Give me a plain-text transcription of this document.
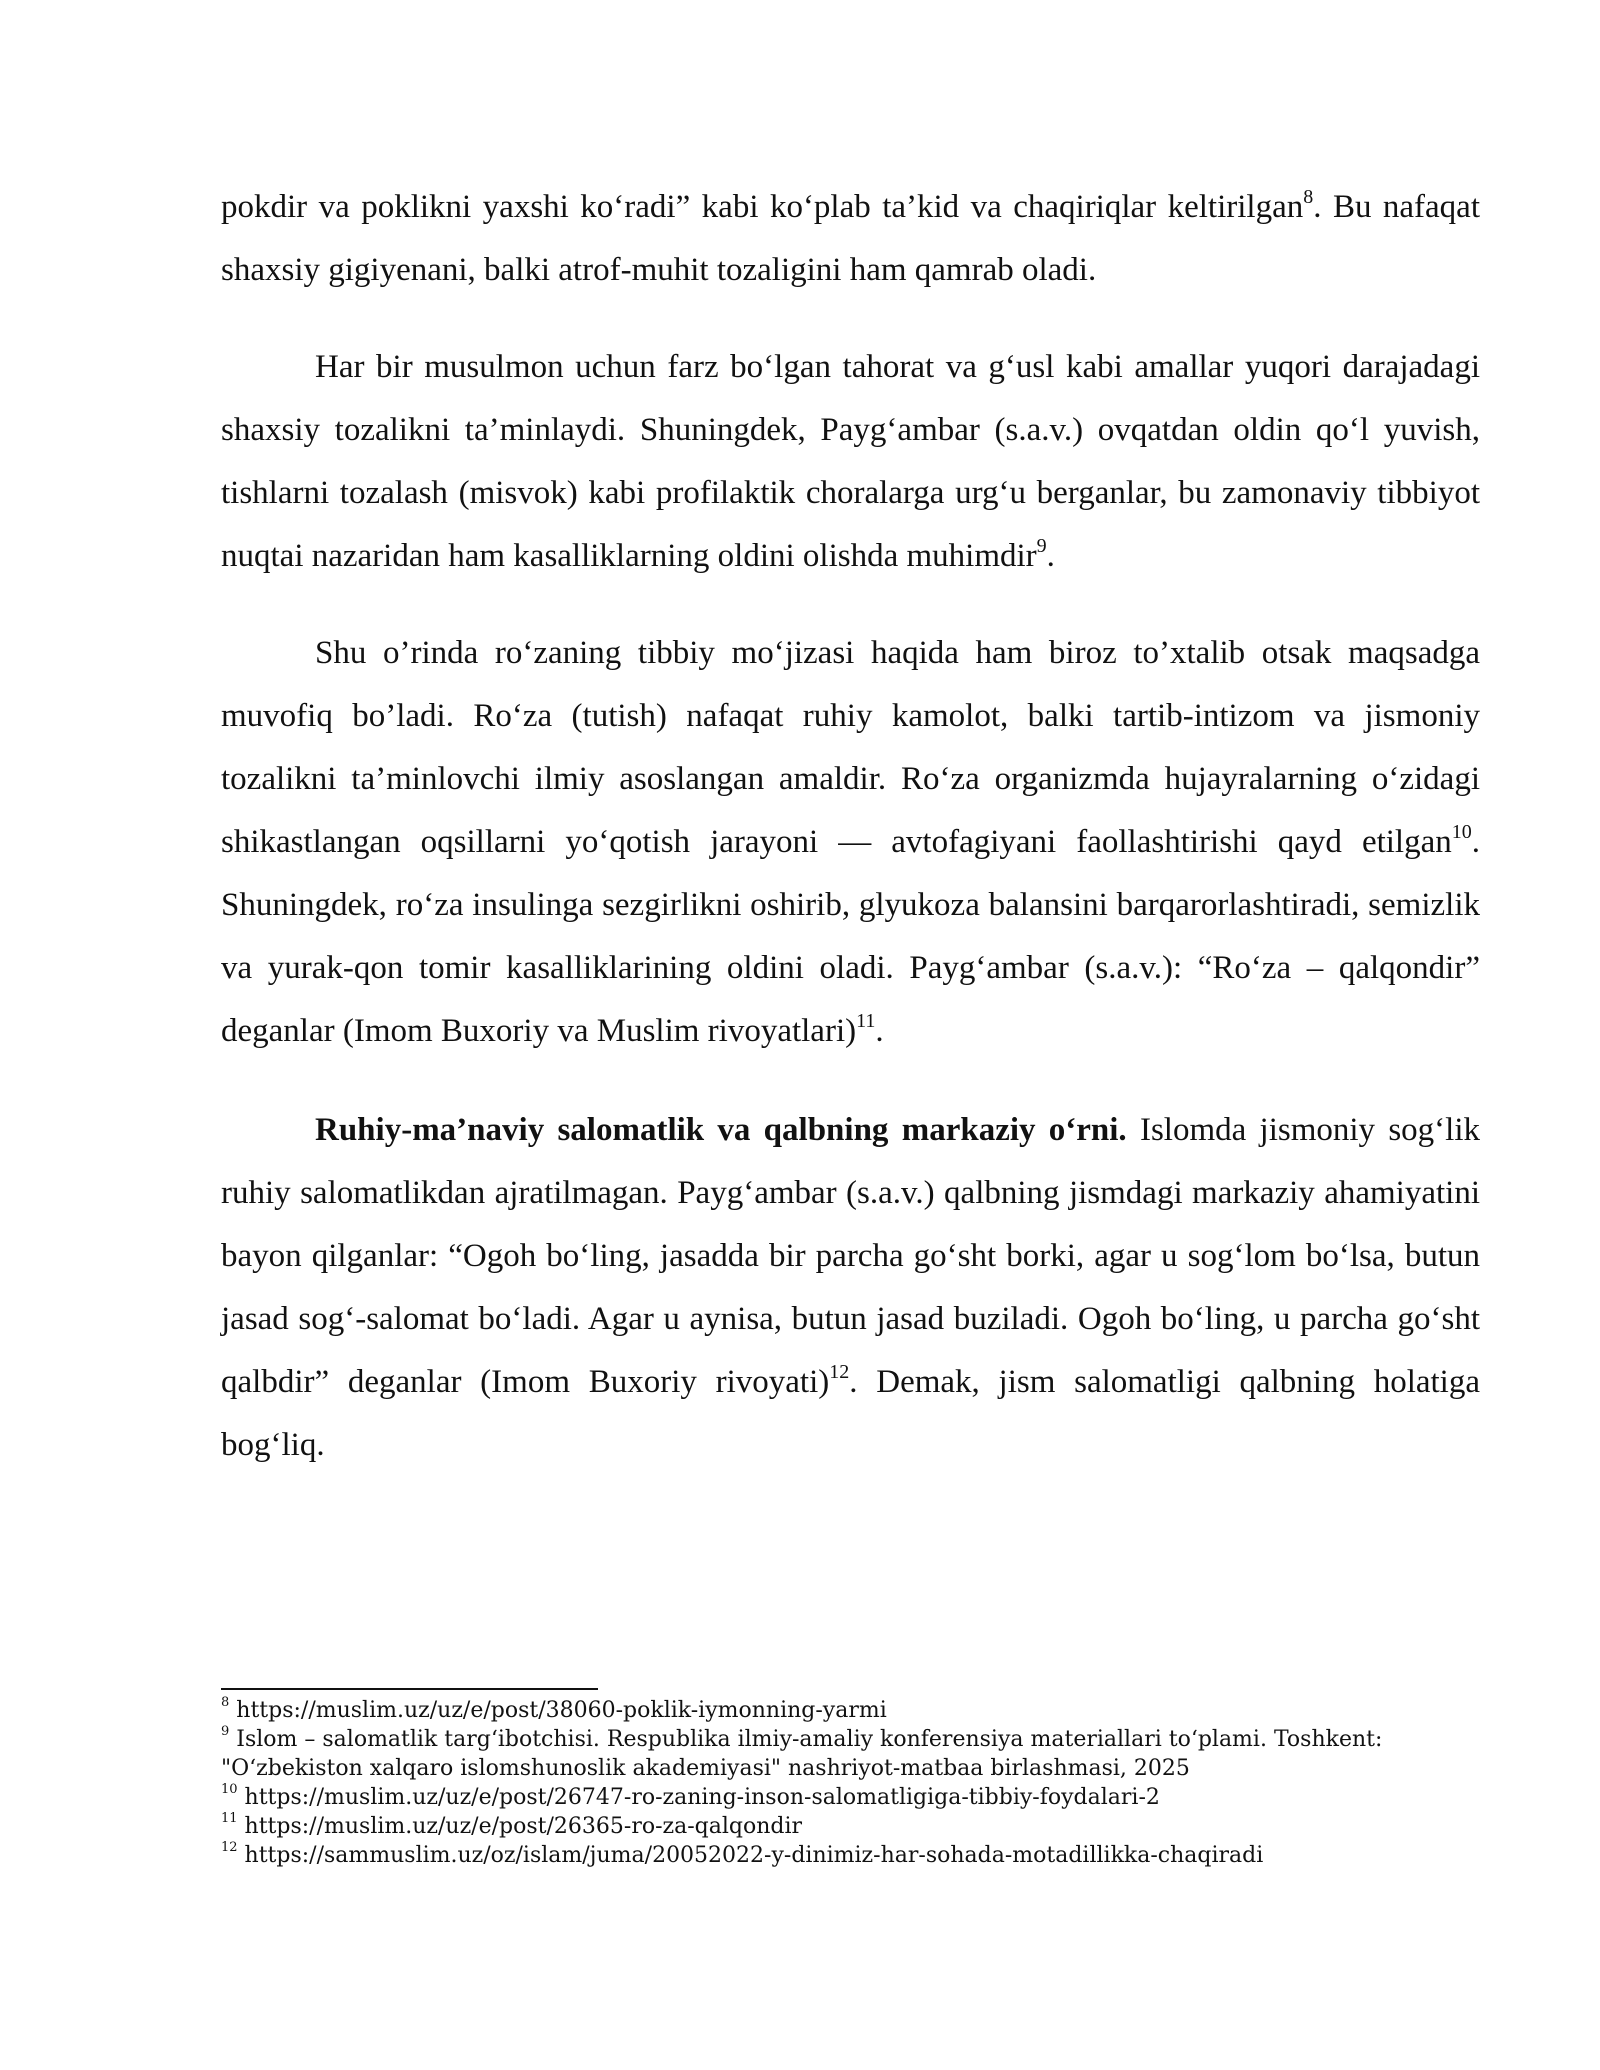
pokdir va poklikni yaxshi ko‘radi” kabi ko‘plab ta’kid va chaqiriqlar keltirilgan$^8$. Bu nafaqat shaxsiy gigiyenani, balki atrof-muhit tozaligini ham qamrab oladi.

Har bir musulmon uchun farz bo‘lgan tahorat va g‘usl kabi amallar yuqori darajadagi shaxsiy tozalikni ta’minlaydi. Shuningdek, Payg‘ambar (s.a.v.) ovqatdan oldin qo‘l yuvish, tishlarni tozalash (misvok) kabi profilaktik choralarga urg‘u berganlar, bu zamonaviy tibbiyot nuqtai nazaridan ham kasalliklarning oldini olishda muhimdir$^9$.

Shu o’rinda ro‘zaning tibbiy mo‘jizasi haqida ham biroz to’xtalib otsak maqsadga muvofiq bo’ladi. Ro‘za (tutish) nafaqat ruhiy kamolot, balki tartib-intizom va jismoniy tozalikni ta’minlovchi ilmiy asoslangan amaldir. Ro‘za organizmda hujayralarning o‘zidagi shikastlangan oqsillarni yo‘qotish jarayoni — avtofagiyani faollashtirishi qayd etilgan$^{10}$. Shuningdek, ro‘za insulinga sezgirlikni oshirib, glyukoza balansini barqarorlashtiradi, semizlik va yurak-qon tomir kasalliklarining oldini oladi. Payg‘ambar (s.a.v.): “Ro‘za – qalqondir” deganlar (Imom Buxoriy va Muslim rivoyatlari)$^{11}$.

Ruhiy-ma’naviy salomatlik va qalbning markaziy o‘rni. Islomda jismoniy sog‘lik ruhiy salomatlikdan ajratilmagan. Payg‘ambar (s.a.v.) qalbning jismdagi markaziy ahamiyatini bayon qilganlar: “Ogoh bo‘ling, jasadda bir parcha go‘sht borki, agar u sog‘lom bo‘lsa, butun jasad sog‘-salomat bo‘ladi. Agar u aynisa, butun jasad buziladi. Ogoh bo‘ling, u parcha go‘sht qalbdir” deganlar (Imom Buxoriy rivoyati)$^{12}$. Demak, jism salomatligi qalbning holatiga bog‘liq.

$^8$ https://muslim.uz/uz/e/post/38060-poklik-iymonning-yarmi

$^9$ Islom – salomatlik targ‘ibotchisi. Respublika ilmiy-amaliy konferensiya materiallari to‘plami. Toshkent: "O‘zbekiston xalqaro islomshunoslik akademiyasi" nashriyot-matbaa birlashmasi, 2025

$^{10}$ https://muslim.uz/uz/e/post/26747-ro-zaning-inson-salomatligiga-tibbiy-foydalari-2

$^{11}$ https://muslim.uz/uz/e/post/26365-ro-za-qalqondir

$^{12}$ https://sammuslim.uz/oz/islam/juma/20052022-y-dinimiz-har-sohada-motadillikka-chaqiradi
